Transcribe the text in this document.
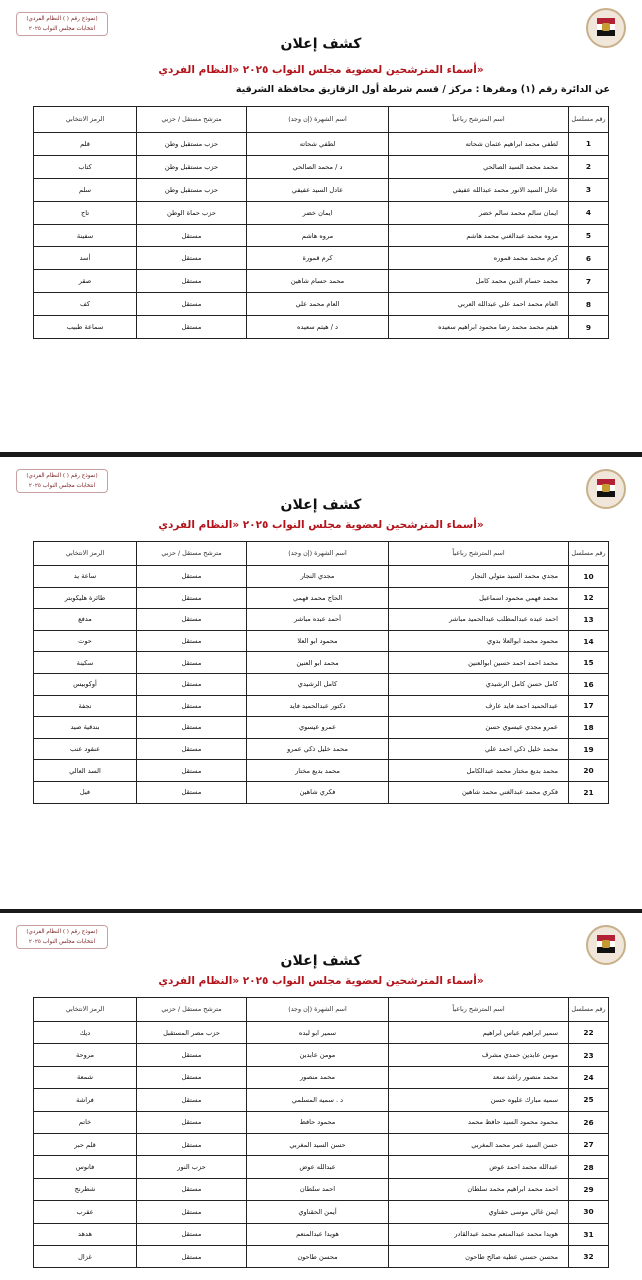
(نموذج رقم ( ) النظام الفردي)
انتخابات مجلس النواب ٢٠٢٥
كشف إعلان
أسماء المترشحين لعضوية مجلس النواب ٢٠٢٥ «النظام الفردي»
عن الدائرة رقم (١) ومقرها : مركز / قسم شرطة أول الزقازيق محافظة الشرقية
رقم مسلسل	اسم المترشح رباعياً	اسم الشهرة (إن وجد)	مترشح مستقل / حزبي	الرمز الانتخابي
1	لطفي محمد ابراهيم عثمان شحاته	لطفي شحاته	حزب مستقبل وطن	قلم
2	محمد محمد السيد الصالحي	د / محمد الصالحي	حزب مستقبل وطن	كتاب
3	عادل السيد الانور محمد عبدالله عفيفي	عادل السيد عفيفي	حزب مستقبل وطن	سلم
4	ايمان سالم محمد سالم خضر	ايمان خضر	حزب حماة الوطن	تاج
5	مروه محمد عبدالغني محمد هاشم	مروه هاشم	مستقل	سفينة
6	كرم محمد محمد قموره	كرم قمورة	مستقل	أسد
7	محمد حسام الدين محمد كامل	محمد حسام شاهين	مستقل	صقر
8	العام محمد احمد علي عبدالله العربي	العام محمد علي	مستقل	كف
9	هيثم محمد محمد رضا محمود ابراهيم سعيده	د / هيثم سعيده	مستقل	سماعة طبيب
(نموذج رقم ( ) النظام الفردي)
انتخابات مجلس النواب ٢٠٢٥
كشف إعلان
أسماء المترشحين لعضوية مجلس النواب ٢٠٢٥ «النظام الفردي»
رقم مسلسل	اسم المترشح رباعياً	اسم الشهرة (إن وجد)	مترشح مستقل / حزبي	الرمز الانتخابي
10	مجدي محمد السيد متولي النجار	مجدي النجار	مستقل	ساعة يد
12	محمد فهمي محمود اسماعيل	الحاج محمد فهمي	مستقل	طائرة هليكوبتر
13	احمد عبده عبدالمطلب عبدالحميد مباشر	أحمد عبده مباشر	مستقل	مدفع
14	محمود محمد ابوالعلا بدوي	محمود ابو العلا	مستقل	حوت
15	محمد احمد احمد حسين ابوالعنين	محمد ابو العنين	مستقل	سكينة
16	كامل حسن كامل الرشيدي	كامل الرشيدي	مستقل	أوكوبيس
17	عبدالحميد احمد فايد عارف	دكتور عبدالحميد فايد	مستقل	نجفة
18	عمرو مجدي عيسوي حسن	عمرو عيسوي	مستقل	بندقية صيد
19	محمد خليل ذكي احمد علي	محمد خليل ذكي عمرو	مستقل	عنقود عنب
20	محمد بديع مختار محمد عبدالكامل	محمد بديع مختار	مستقل	السد العالي
21	فكري محمد عبدالغني محمد شاهين	فكري شاهين	مستقل	فيل
(نموذج رقم ( ) النظام الفردي)
انتخابات مجلس النواب ٢٠٢٥
كشف إعلان
أسماء المترشحين لعضوية مجلس النواب ٢٠٢٥ «النظام الفردي»
رقم مسلسل	اسم المترشح رباعياً	اسم الشهرة (إن وجد)	مترشح مستقل / حزبي	الرمز الانتخابي
22	سمير ابراهيم عباس ابراهيم	سمير ابو لبده	حزب مصر المستقبل	ديك
23	مومن عابدين حمدي مشرف	مومن عابدين	مستقل	مروحة
24	محمد منصور راشد سعد	محمد منصور	مستقل	شمعة
25	سميه مبارك عليوه حسن	د . سميه المسلمي	مستقل	فراشة
26	محمود محمود السيد حافظ محمد	محمود حافظ	مستقل	خاتم
27	حسن السيد عمر محمد المغربي	حسن السيد المغربي	مستقل	قلم حبر
28	عبدالله محمد احمد عوض	عبدالله عوض	حزب النور	فانوس
29	احمد محمد ابراهيم محمد سلطان	احمد سلطان	مستقل	شطرنج
30	ايمن غالي موسى حقناوي	أيمن الحقناوي	مستقل	عقرب
31	هويدا محمد عبدالمنعم محمد عبدالقادر	هويدا عبدالمنعم	مستقل	هدهد
32	محسن حسني عطيه صالح طاحون	محسن طاحون	مستقل	غزال
